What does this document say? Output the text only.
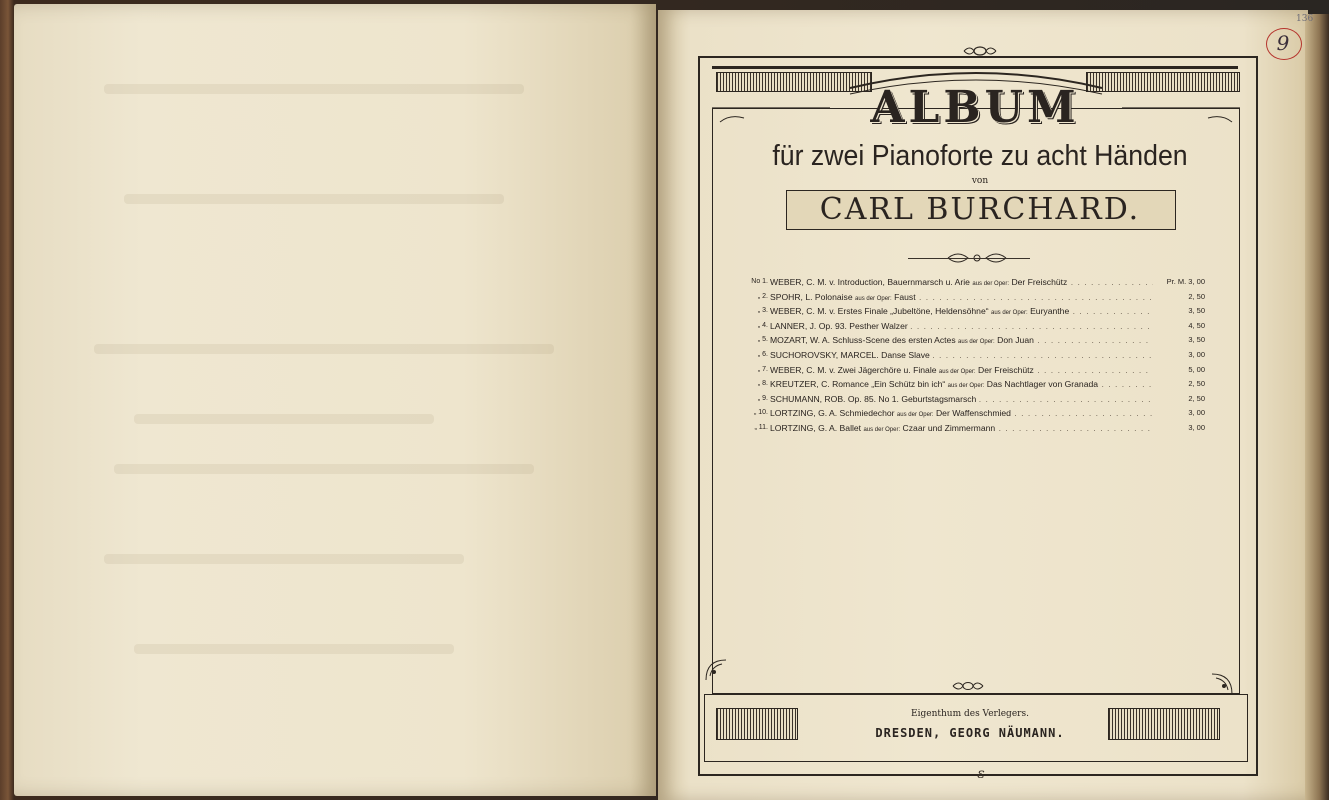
ALBUM
für zwei Pianoforte zu acht Händen
von
CARL BURCHARD.
No 1. WEBER, C. M. v. Introduction, Bauernmarsch u. Arie aus der Oper: Der Freischütz . . .	Pr. M. 3, 00
„ 2. SPOHR, L. Polonaise aus der Oper: Faust . . .	2, 50
„ 3. WEBER, C. M. v. Erstes Finale „Jubeltöne, Heldensöhne“ aus der Oper: Euryanthe . . .	3, 50
„ 4. LANNER, J. Op. 93. Pesther Walzer . . .	4, 50
„ 5. MOZART, W. A. Schluss-Scene des ersten Actes aus der Oper: Don Juan . . .	3, 50
„ 6. SUCHOROVSKY, MARCEL. Danse Slave . . .	3, 00
„ 7. WEBER, C. M. v. Zwei Jägerchöre u. Finale aus der Oper: Der Freischütz . . .	5, 00
„ 8. KREUTZER, C. Romance „Ein Schütz bin ich“ aus der Oper: Das Nachtlager von Granada . . .	2, 50
„ 9. SCHUMANN, ROB. Op. 85. No 1. Geburtstagsmarsch . . .	2, 50
„ 10. LORTZING, G. A. Schmiedechor aus der Oper: Der Waffenschmied . . .	3, 00
„ 11. LORTZING, G. A. Ballet aus der Oper: Czaar und Zimmermann . . .	3, 00
Eigenthum des Verlegers.
DRESDEN, GEORG NÄUMANN.
9
136
ɛ
